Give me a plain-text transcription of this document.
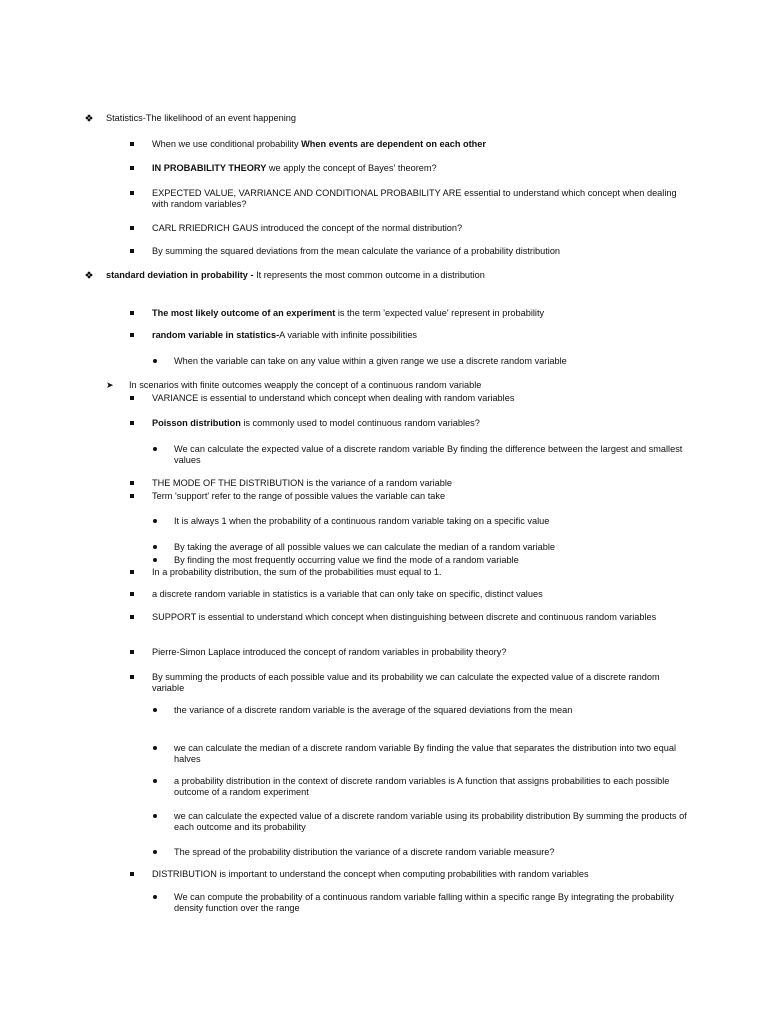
Statistics-The likelihood of an event happening
When we use conditional probability When events are dependent on each other
IN PROBABILITY THEORY we apply the concept of Bayes' theorem?
EXPECTED VALUE, VARRIANCE AND CONDITIONAL PROBABILITY ARE essential to understand which concept when dealing with random variables?
CARL RRIEDRICH GAUS introduced the concept of the normal distribution?
By summing the squared deviations from the mean calculate the variance of a probability distribution
standard deviation in probability - It represents the most common outcome in a distribution
The most likely outcome of an experiment is the term 'expected value' represent in probability
random variable in statistics-A variable with infinite possibilities
When the variable can take on any value within a given range we use a discrete random variable
➤ In scenarios with finite outcomes weapply the concept of a continuous random variable
VARIANCE is essential to understand which concept when dealing with random variables
Poisson distribution is commonly used to model continuous random variables?
We can calculate the expected value of a discrete random variable By finding the difference between the largest and smallest values
THE MODE OF THE DISTRIBUTION is the variance of a random variable
Term 'support' refer to the range of possible values the variable can take
It is always 1 when the probability of a continuous random variable taking on a specific value
By taking the average of all possible values we can calculate the median of a random variable
By finding the most frequently occurring value we find the mode of a random variable
In a probability distribution, the sum of the probabilities must equal to 1.
a discrete random variable in statistics is a variable that can only take on specific, distinct values
SUPPORT is essential to understand which concept when distinguishing between discrete and continuous random variables
Pierre-Simon Laplace introduced the concept of random variables in probability theory?
By summing the products of each possible value and its probability we can calculate the expected value of a discrete random variable
the variance of a discrete random variable is the average of the squared deviations from the mean
we can calculate the median of a discrete random variable By finding the value that separates the distribution into two equal halves
a probability distribution in the context of discrete random variables is A function that assigns probabilities to each possible outcome of a random experiment
we can calculate the expected value of a discrete random variable using its probability distribution By summing the products of each outcome and its probability
The spread of the probability distribution the variance of a discrete random variable measure?
DISTRIBUTION is important to understand the concept when computing probabilities with random variables
We can compute the probability of a continuous random variable falling within a specific range By integrating the probability density function over the range
